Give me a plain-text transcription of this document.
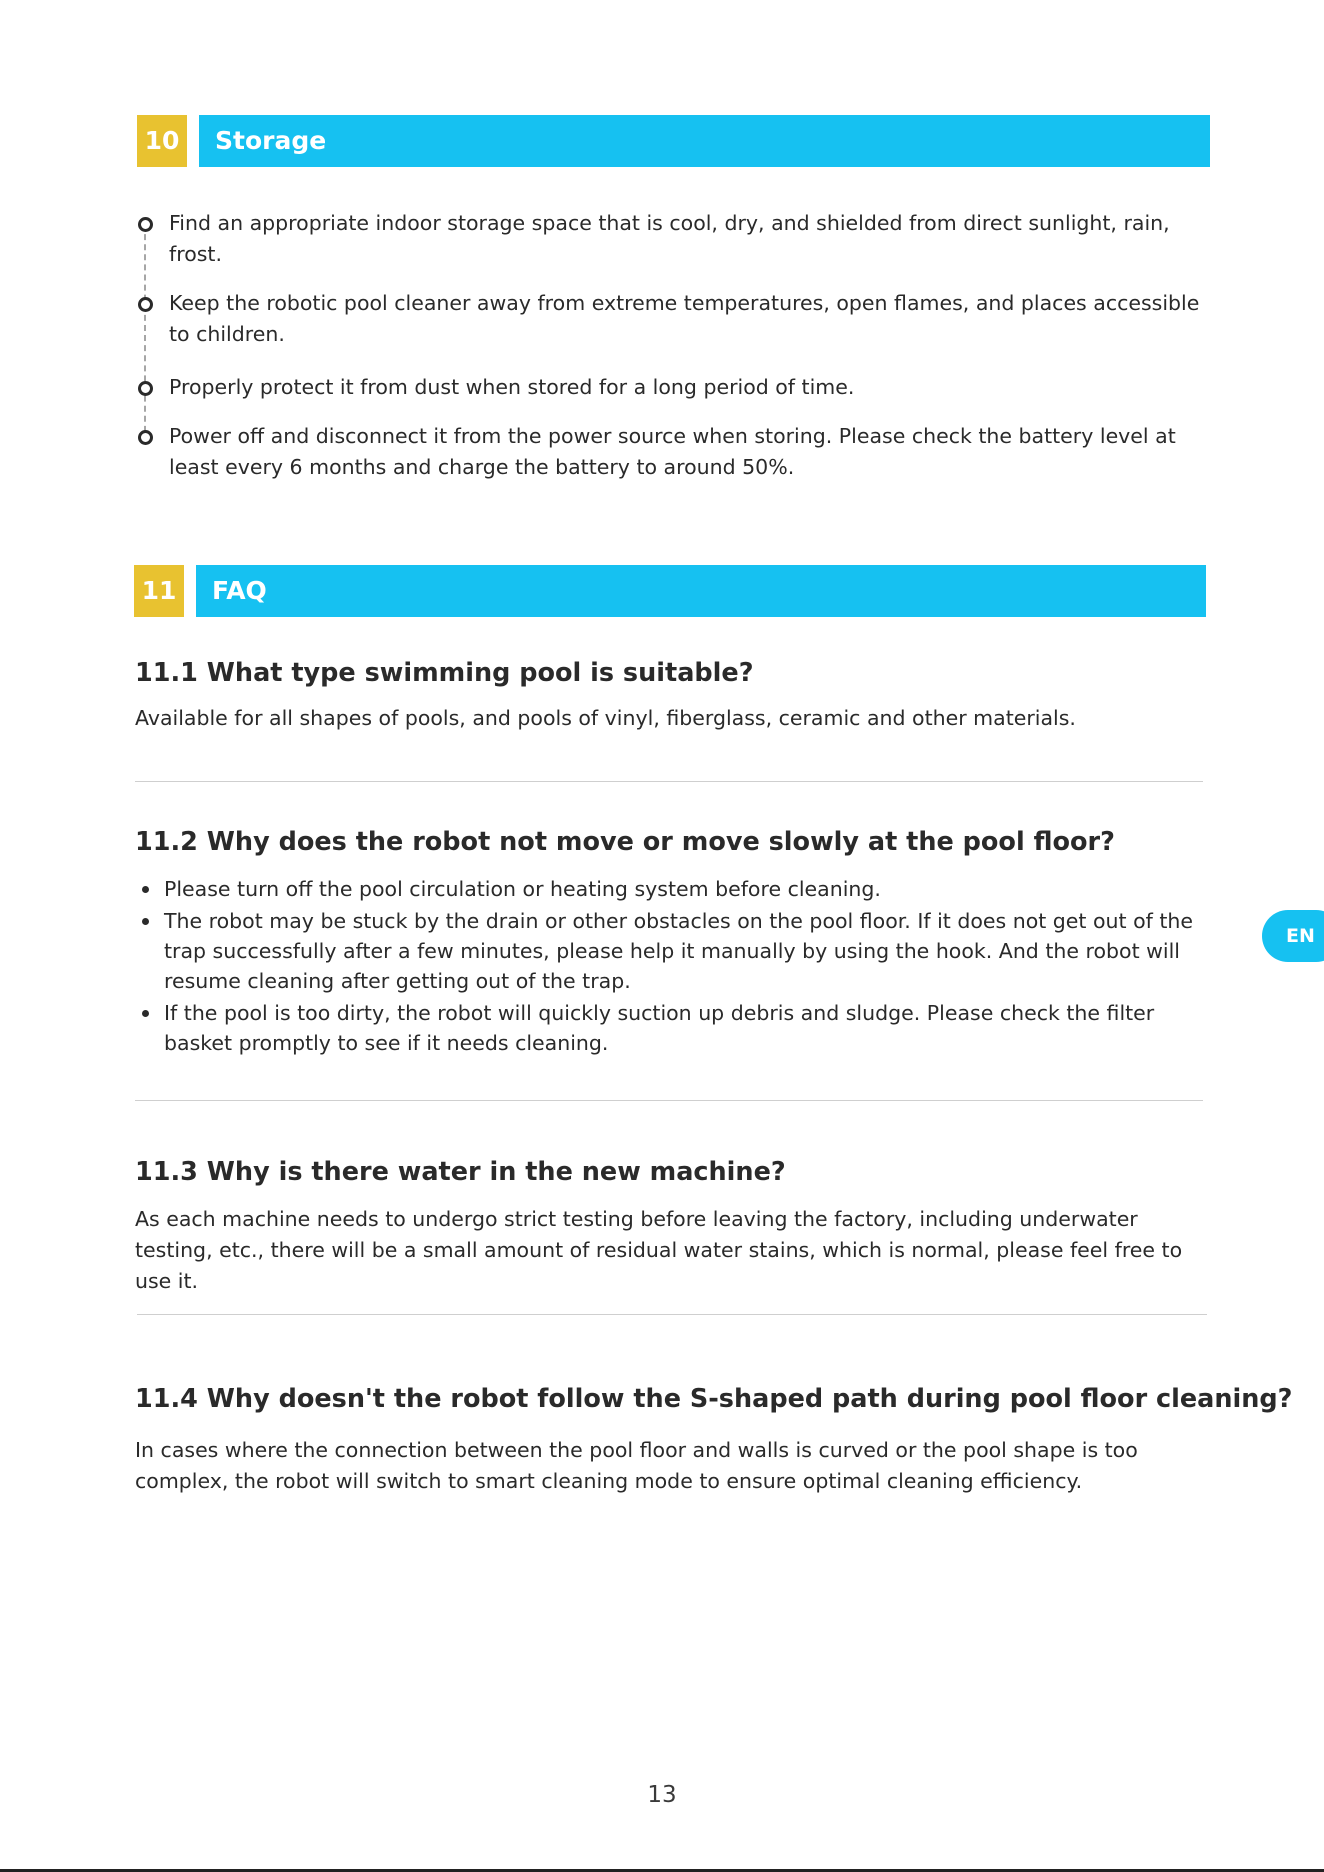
10	Storage
Find an appropriate indoor storage space that is cool, dry, and shielded from direct sunlight, rain, frost.
Keep the robotic pool cleaner away from extreme temperatures, open flames, and places accessible to children.
Properly protect it from dust when stored for a long period of time.
Power off and disconnect it from the power source when storing. Please check the battery level at least every 6 months and charge the battery to around 50%.
11	FAQ
11.1 What type swimming pool is suitable?
Available for all shapes of pools, and pools of vinyl, fiberglass, ceramic and other materials.
11.2 Why does the robot not move or move slowly at the pool floor?
Please turn off the pool circulation or heating system before cleaning.
The robot may be stuck by the drain or other obstacles on the pool floor. If it does not get out of the trap successfully after a few minutes, please help it manually by using the hook. And the robot will resume cleaning after getting out of the trap.
If the pool is too dirty, the robot will quickly suction up debris and sludge. Please check the filter basket promptly to see if it needs cleaning.
11.3 Why is there water in the new machine?
As each machine needs to undergo strict testing before leaving the factory, including underwater testing, etc., there will be a small amount of residual water stains, which is normal, please feel free to use it.
11.4 Why doesn't the robot follow the S-shaped path during pool floor cleaning?
In cases where the connection between the pool floor and walls is curved or the pool shape is too complex, the robot will switch to smart cleaning mode to ensure optimal cleaning efficiency.
EN
13
